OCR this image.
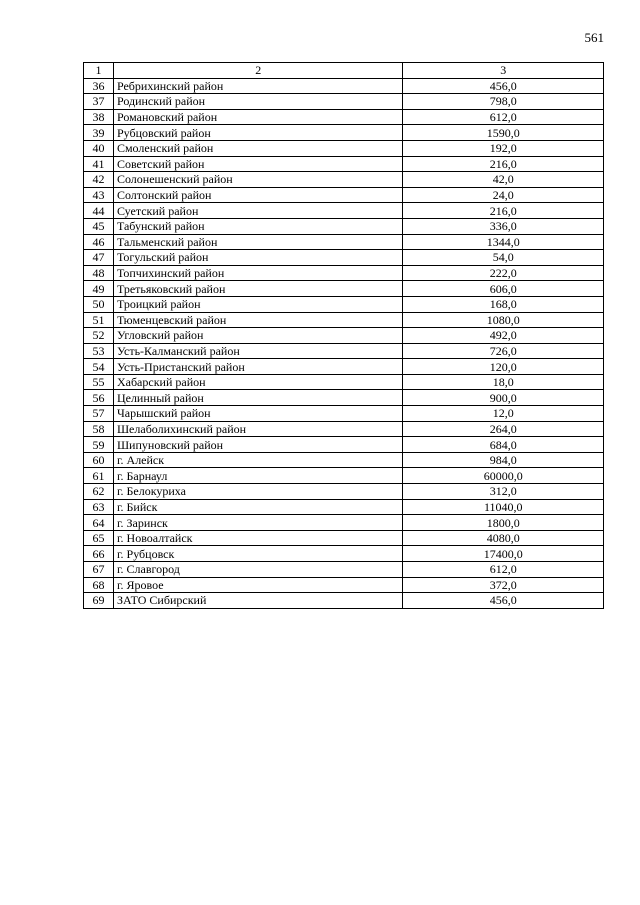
561
1	2	3
36	Ребрихинский район	456,0
37	Родинский район	798,0
38	Романовский район	612,0
39	Рубцовский район	1590,0
40	Смоленский район	192,0
41	Советский район	216,0
42	Солонешенский район	42,0
43	Солтонский район	24,0
44	Суетский район	216,0
45	Табунский район	336,0
46	Тальменский район	1344,0
47	Тогульский район	54,0
48	Топчихинский район	222,0
49	Третьяковский район	606,0
50	Троицкий район	168,0
51	Тюменцевский район	1080,0
52	Угловский район	492,0
53	Усть-Калманский район	726,0
54	Усть-Пристанский район	120,0
55	Хабарский район	18,0
56	Целинный район	900,0
57	Чарышский район	12,0
58	Шелаболихинский район	264,0
59	Шипуновский район	684,0
60	г. Алейск	984,0
61	г. Барнаул	60000,0
62	г. Белокуриха	312,0
63	г. Бийск	11040,0
64	г. Заринск	1800,0
65	г. Новоалтайск	4080,0
66	г. Рубцовск	17400,0
67	г. Славгород	612,0
68	г. Яровое	372,0
69	ЗАТО Сибирский	456,0
